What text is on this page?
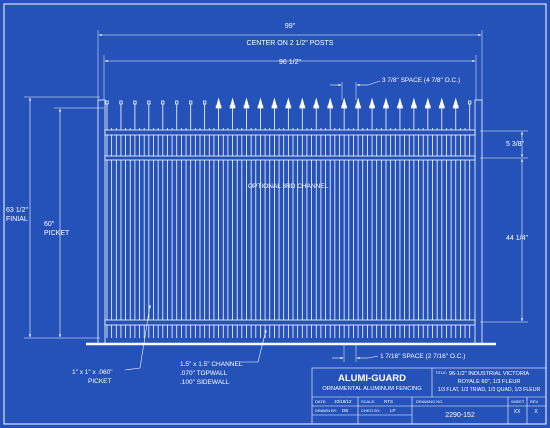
99"
CENTER ON 2 1/2" POSTS
96 1/2"
3 7/8" SPACE (4 7/8" O.C.)
5 3/8"
63 1/2"
FINIAL
60"
PICKET
44 1/4"
1 7/16" SPACE (2 7/16" O.C.)
OPTIONAL 3RD CHANNEL
1.5" x 1.5" CHANNEL
.070" TOPWALL
.100" SIDEWALL
1" x 1" x .060"
PICKET	ALUMI-GUARD
ORNAMENTAL ALUMINUM FENCING
TITLE: 96-1/2" INDUSTRIAL VICTORIA
ROYALE 60", 1/3 FLEUR
1/3 FLAT, 1/3 TRIAD, 1/3 QUAD, 1/3 FLEUR
DATE: 10/18/12 SCALE: NTS
DRAWN BY: DB	CHK'D BY: LP
DRAWING NO.
2290-152
SHEET
XX
REV
X
